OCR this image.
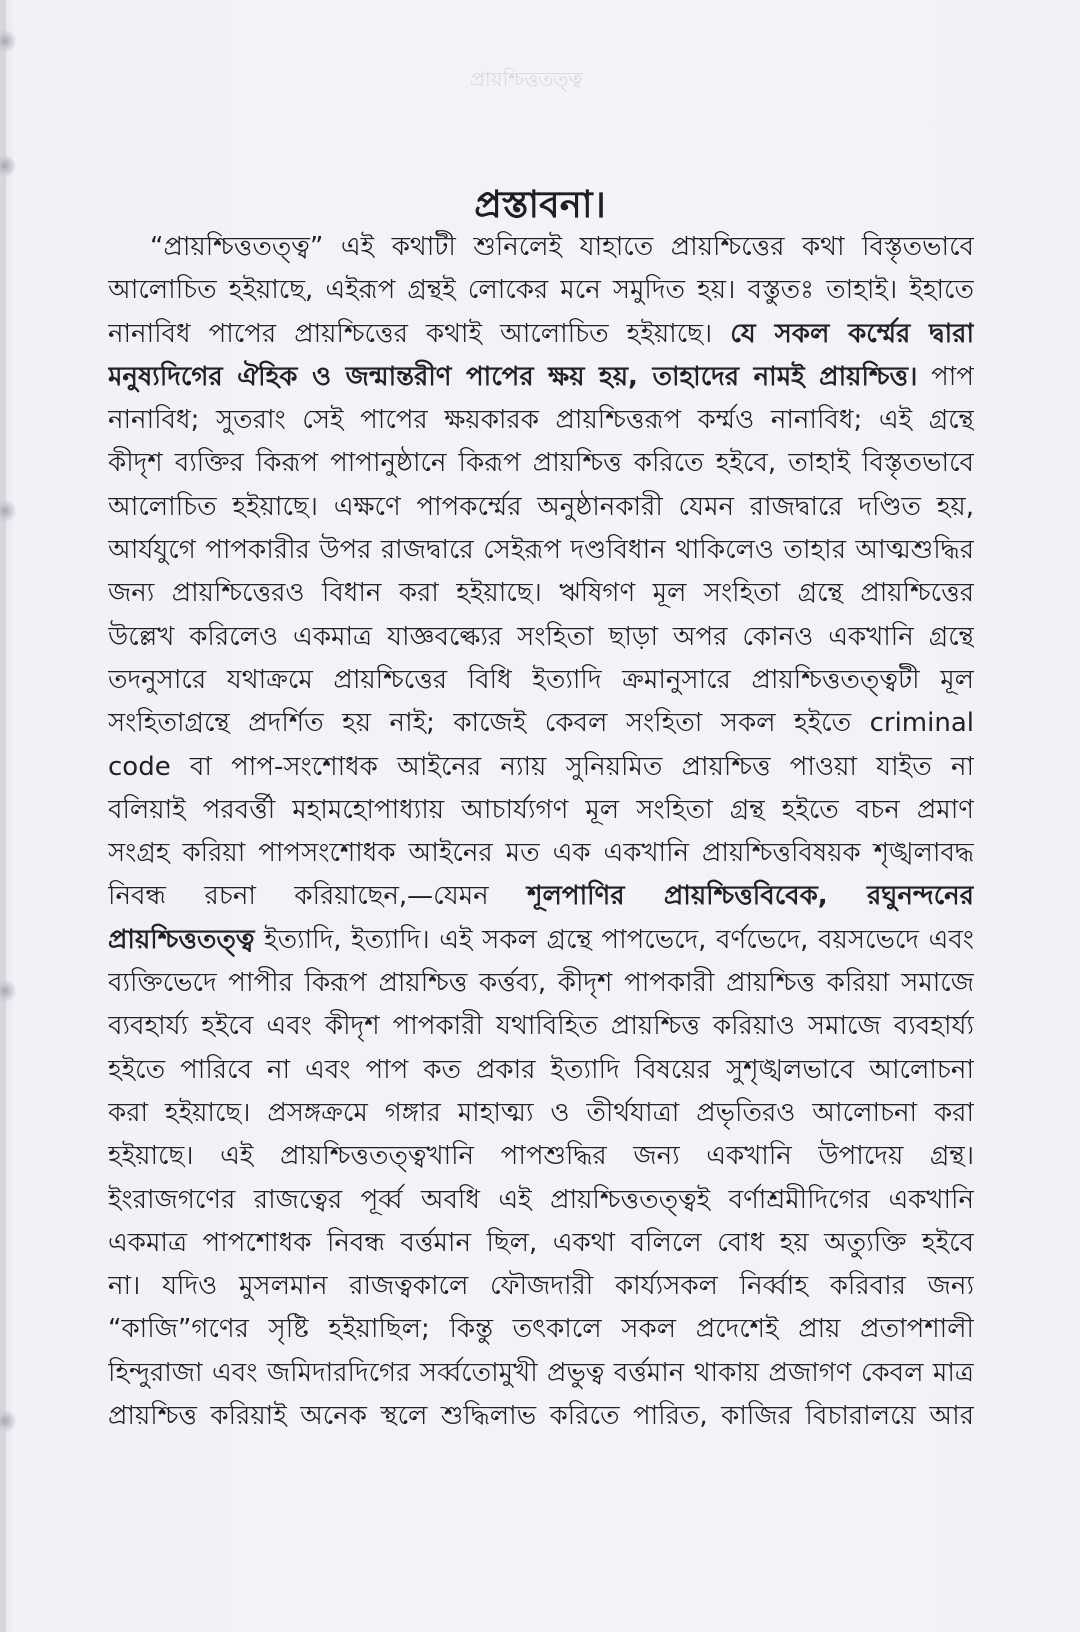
প্রায়শ্চিত্ততত্ত্ব
প্রস্তাবনা।
“প্রায়শ্চিত্ততত্ত্ব” এই কথাটী শুনিলেই যাহাতে প্রায়শ্চিত্তের কথা বিস্তৃতভাবে
আলোচিত হইয়াছে, এইরূপ গ্রন্থই লোকের মনে সমুদিত হয়। বস্তুতঃ তাহাই। ইহাতে
নানাবিধ পাপের প্রায়শ্চিত্তের কথাই আলোচিত হইয়াছে। যে সকল কর্ম্মের দ্বারা
মনুষ্যদিগের ঐহিক ও জন্মান্তরীণ পাপের ক্ষয় হয়, তাহাদের নামই প্রায়শ্চিত্ত। পাপ
নানাবিধ; সুতরাং সেই পাপের ক্ষয়কারক প্রায়শ্চিত্তরূপ কর্ম্মও নানাবিধ; এই গ্রন্থে
কীদৃশ ব্যক্তির কিরূপ পাপানুষ্ঠানে কিরূপ প্রায়শ্চিত্ত করিতে হইবে, তাহাই বিস্তৃতভাবে
আলোচিত হইয়াছে। এক্ষণে পাপকর্ম্মের অনুষ্ঠানকারী যেমন রাজদ্বারে দণ্ডিত হয়,
আর্যযুগে পাপকারীর উপর রাজদ্বারে সেইরূপ দণ্ডবিধান থাকিলেও তাহার আত্মশুদ্ধির
জন্য প্রায়শ্চিত্তেরও বিধান করা হইয়াছে। ঋষিগণ মূল সংহিতা গ্রন্থে প্রায়শ্চিত্তের
উল্লেখ করিলেও একমাত্র যাজ্ঞবল্ক্যের সংহিতা ছাড়া অপর কোনও একখানি গ্রন্থে
তদনুসারে যথাক্রমে প্রায়শ্চিত্তের বিধি ইত্যাদি ক্রমানুসারে প্রায়শ্চিত্ততত্ত্বটী মূল
সংহিতাগ্রন্থে প্রদর্শিত হয় নাই; কাজেই কেবল সংহিতা সকল হইতে criminal
code বা পাপ-সংশোধক আইনের ন্যায় সুনিয়মিত প্রায়শ্চিত্ত পাওয়া যাইত না
বলিয়াই পরবর্ত্তী মহামহোপাধ্যায় আচার্য্যগণ মূল সংহিতা গ্রন্থ হইতে বচন প্রমাণ
সংগ্রহ করিয়া পাপসংশোধক আইনের মত এক একখানি প্রায়শ্চিত্তবিষয়ক শৃঙ্খলাবদ্ধ
নিবন্ধ রচনা করিয়াছেন,—যেমন শূলপাণির প্রায়শ্চিত্তবিবেক, রঘুনন্দনের
প্রায়শ্চিত্ততত্ত্ব ইত্যাদি, ইত্যাদি। এই সকল গ্রন্থে পাপভেদে, বর্ণভেদে, বয়সভেদে এবং
ব্যক্তিভেদে পাপীর কিরূপ প্রায়শ্চিত্ত কর্ত্তব্য, কীদৃশ পাপকারী প্রায়শ্চিত্ত করিয়া সমাজে
ব্যবহার্য্য হইবে এবং কীদৃশ পাপকারী যথাবিহিত প্রায়শ্চিত্ত করিয়াও সমাজে ব্যবহার্য্য
হইতে পারিবে না এবং পাপ কত প্রকার ইত্যাদি বিষয়ের সুশৃঙ্খলভাবে আলোচনা
করা হইয়াছে। প্রসঙ্গক্রমে গঙ্গার মাহাত্ম্য ও তীর্থযাত্রা প্রভৃতিরও আলোচনা করা
হইয়াছে। এই প্রায়শ্চিত্ততত্ত্বখানি পাপশুদ্ধির জন্য একখানি উপাদেয় গ্রন্থ।
ইংরাজগণের রাজত্বের পূর্ব্ব অবধি এই প্রায়শ্চিত্ততত্ত্বই বর্ণাশ্রমীদিগের একখানি
একমাত্র পাপশোধক নিবন্ধ বর্ত্তমান ছিল, একথা বলিলে বোধ হয় অত্যুক্তি হইবে
না। যদিও মুসলমান রাজত্বকালে ফৌজদারী কার্য্যসকল নির্ব্বাহ করিবার জন্য
“কাজি”গণের সৃষ্টি হইয়াছিল; কিন্তু তৎকালে সকল প্রদেশেই প্রায় প্রতাপশালী
হিন্দুরাজা এবং জমিদারদিগের সর্ব্বতোমুখী প্রভুত্ব বর্ত্তমান থাকায় প্রজাগণ কেবল মাত্র
প্রায়শ্চিত্ত করিয়াই অনেক স্থলে শুদ্ধিলাভ করিতে পারিত, কাজির বিচারালয়ে আর
